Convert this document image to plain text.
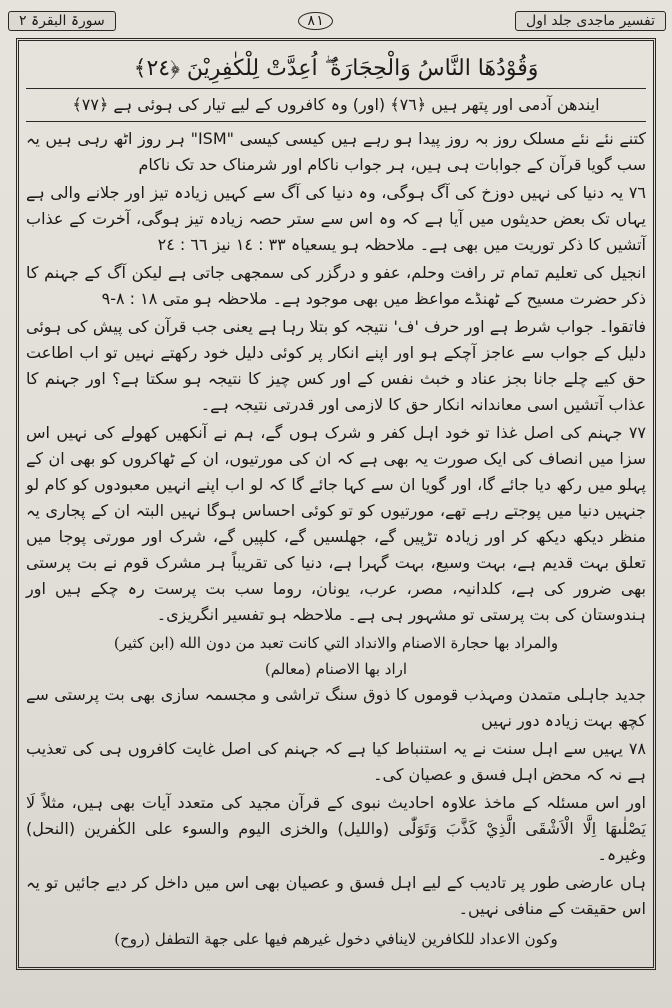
تفسیر ماجدی جلد اول
٨١
سورۃ البقرۃ ٢
وَقُوْدُهَا النَّاسُ وَالْحِجَارَةُ ۖ اُعِدَّتْ لِلْكٰفِرِيْنَ ﴿٢٤﴾
ایندھن آدمی اور پتھر ہیں ﴿٧٦﴾ (اور) وہ کافروں کے لیے تیار کی ہوئی ہے ﴿٧٧﴾

کتنے نئے نئے مسلک روز بہ روز پیدا ہو رہے ہیں کیسی کیسی "ISM" ہر روز اٹھ رہی ہیں یہ سب گویا قرآن کے جوابات ہی ہیں، ہر جواب ناکام اور شرمناک حد تک ناکام

٧٦ یہ دنیا کی نہیں دوزخ کی آگ ہوگی، وہ دنیا کی آگ سے کہیں زیادہ تیز اور جلانے والی ہے یہاں تک بعض حدیثوں میں آیا ہے کہ وہ اس سے ستر حصہ زیادہ تیز ہوگی، آخرت کے عذاب آتشیں کا ذکر توریت میں بھی ہے۔ ملاحظہ ہو یسعیاہ ٣٣ : ١٤ نیز ٦٦ : ٢٤

انجیل کی تعلیم تمام تر رافت وحلم، عفو و درگزر کی سمجھی جاتی ہے لیکن آگ کے جہنم کا ذکر حضرت مسیح کے ٹھنڈے مواعظ میں بھی موجود ہے۔ ملاحظہ ہو متی ١٨ : ٨-٩

فاتقوا۔ جواب شرط ہے اور حرف 'ف' نتیجہ کو بتلا رہا ہے یعنی جب قرآن کی پیش کی ہوئی دلیل کے جواب سے عاجز آچکے ہو اور اپنے انکار پر کوئی دلیل خود رکھتے نہیں تو اب اطاعت حق کیے چلے جانا بجز عناد و خبث نفس کے اور کس چیز کا نتیجہ ہو سکتا ہے؟ اور جہنم کا عذاب آتشیں اسی معاندانہ انکار حق کا لازمی اور قدرتی نتیجہ ہے۔

٧٧ جہنم کی اصل غذا تو خود اہل کفر و شرک ہوں گے، ہم نے آنکھیں کھولے کی نہیں اس سزا میں انصاف کی ایک صورت یہ بھی ہے کہ ان کی مورتیوں، ان کے ٹھاکروں کو بھی ان کے پہلو میں رکھ دیا جائے گا، اور گویا ان سے کہا جائے گا کہ لو اب اپنے انہیں معبودوں کو کام لو جنہیں دنیا میں پوجتے رہے تھے، مورتیوں کو تو کوئی احساس ہوگا نہیں البتہ ان کے پجاری یہ منظر دیکھ دیکھ کر اور زیادہ تڑپیں گے، جھلسیں گے، کلپیں گے، شرک اور مورتی پوجا میں تعلق بہت قدیم ہے، بہت وسیع، بہت گہرا ہے، دنیا کی تقریباً ہر مشرک قوم نے بت پرستی بھی ضرور کی ہے، کلدانیہ، مصر، عرب، یونان، روما سب بت پرست رہ چکے ہیں اور ہندوستان کی بت پرستی تو مشہور ہی ہے۔ ملاحظہ ہو تفسیر انگریزی۔

والمراد بها حجارة الاصنام والانداد التي كانت تعبد من دون الله (ابن كثير)

اراد بها الاصنام (معالم)

جدید جاہلی متمدن ومہذب قوموں کا ذوق سنگ تراشی و مجسمہ سازی بھی بت پرستی سے کچھ بہت زیادہ دور نہیں

٧٨ یہیں سے اہل سنت نے یہ استنباط کیا ہے کہ جہنم کی اصل غایت کافروں ہی کی تعذیب ہے نہ کہ محض اہل فسق و عصیان کی۔

اور اس مسئلہ کے ماخذ علاوہ احادیث نبوی کے قرآن مجید کی متعدد آیات بھی ہیں، مثلاً لَا يَصْلٰىهَا اِلَّا الْاَشْقَى الَّذِيْ كَذَّبَ وَتَوَلّٰى (واللیل) والخزی الیوم والسوء علی الکٰفرین (النحل) وغیرہ۔

ہاں عارضی طور پر تادیب کے لیے اہل فسق و عصیان بھی اس میں داخل کر دیے جائیں تو یہ اس حقیقت کے منافی نہیں۔

وكون الاعداد للكافرين لاينافي دخول غيرهم فيها على جهة التطفل (روح)
